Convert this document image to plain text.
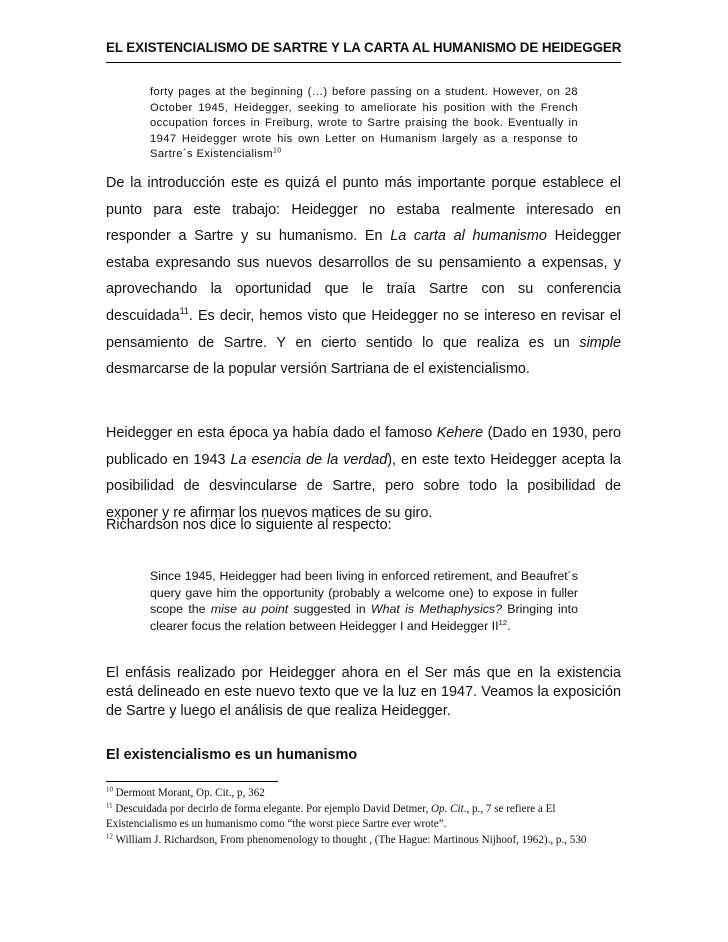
EL EXISTENCIALISMO DE SARTRE Y LA CARTA AL HUMANISMO DE HEIDEGGER
forty pages at the beginning (…) before passing on a student. However, on 28 October 1945, Heidegger, seeking to ameliorate his position with the French occupation forces in Freiburg, wrote to Sartre praising the book. Eventually in 1947 Heidegger wrote his own Letter on Humanism largely as a response to Sartre´s Existencialism$^{10}$
De la introducción este es quizá el punto más importante porque establece el punto para este trabajo: Heidegger no estaba realmente interesado en responder a Sartre y su humanismo. En La carta al humanismo Heidegger estaba expresando sus nuevos desarrollos de su pensamiento a expensas, y aprovechando la oportunidad que le traía Sartre con su conferencia descuidada$^{11}$. Es decir, hemos visto que Heidegger no se intereso en revisar el pensamiento de Sartre. Y en cierto sentido lo que realiza es un simple desmarcarse de la popular versión Sartriana de el existencialismo.
Heidegger en esta época ya había dado el famoso Kehere (Dado en 1930, pero publicado en 1943 La esencia de la verdad), en este texto Heidegger acepta la posibilidad de desvincularse de Sartre, pero sobre todo la posibilidad de exponer y re afirmar los nuevos matices de su giro.
Richardson nos dice lo siguiente al respecto:
Since 1945, Heidegger had been living in enforced retirement, and Beaufret´s query gave him the opportunity (probably a welcome one) to expose in fuller scope the mise au point suggested in What is Methaphysics? Bringing into clearer focus the relation between Heidegger I and Heidegger II$^{12}$.
El enfásis realizado por Heidegger ahora en el Ser más que en la existencia está delineado en este nuevo texto que ve la luz en 1947. Veamos la exposición de Sartre y luego el análisis de que realiza Heidegger.
El existencialismo es un humanismo

$^{10}$ Dermont Morant, Op. Cit., p, 362

$^{11}$ Descuidada por decirlo de forma elegante. Por ejemplo David Detmer, Op. Cit., p., 7 se refiere a El Existencialismo es un humanismo como “the worst piece Sartre ever wrote”.

$^{12}$ William J. Richardson, From phenomenology to thought , (The Hague: Martinous Nijhoof, 1962)., p., 530
